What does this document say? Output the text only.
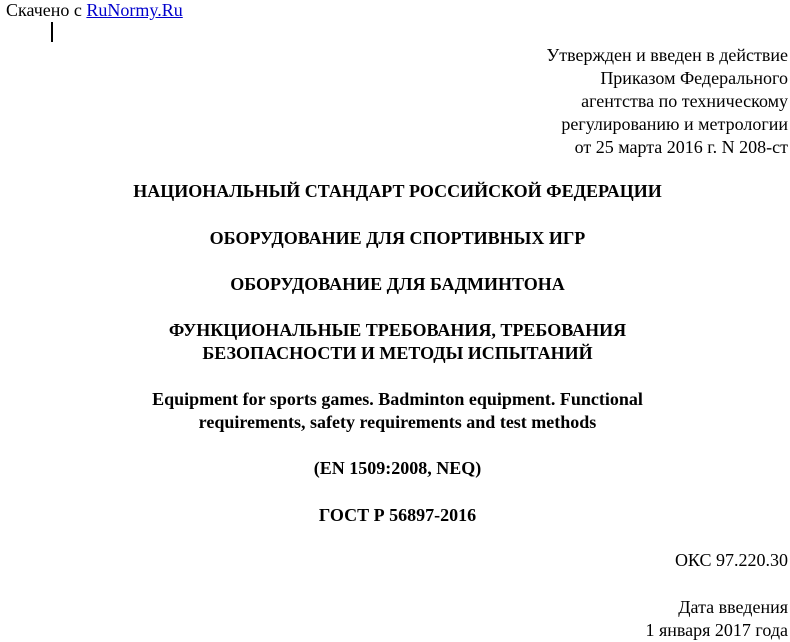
Скачено с RuNormy.Ru
Утвержден и введен в действие
Приказом Федерального
агентства по техническому
регулированию и метрологии
от 25 марта 2016 г. N 208-ст
НАЦИОНАЛЬНЫЙ СТАНДАРТ РОССИЙСКОЙ ФЕДЕРАЦИИ
ОБОРУДОВАНИЕ ДЛЯ СПОРТИВНЫХ ИГР
ОБОРУДОВАНИЕ ДЛЯ БАДМИНТОНА
ФУНКЦИОНАЛЬНЫЕ ТРЕБОВАНИЯ, ТРЕБОВАНИЯ
БЕЗОПАСНОСТИ И МЕТОДЫ ИСПЫТАНИЙ
Equipment for sports games. Badminton equipment. Functional
requirements, safety requirements and test methods
(EN 1509:2008, NEQ)
ГОСТ Р 56897-2016
ОКС 97.220.30
Дата введения
1 января 2017 года
